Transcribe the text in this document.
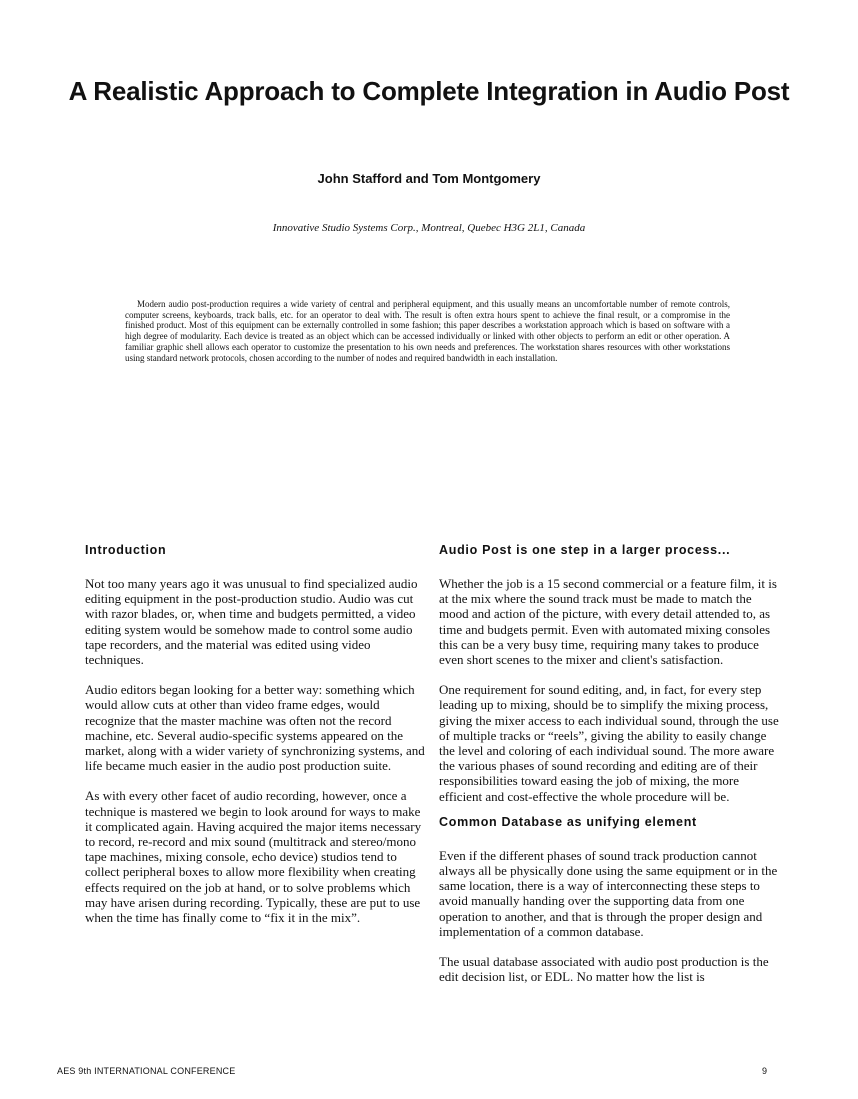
A Realistic Approach to Complete Integration in Audio Post
John Stafford and Tom Montgomery
Innovative Studio Systems Corp., Montreal, Quebec H3G 2L1, Canada

Modern audio post-production requires a wide variety of central and peripheral equipment, and this usually means an uncomfortable number of remote controls, computer screens, keyboards, track balls, etc. for an operator to deal with. The result is often extra hours spent to achieve the final result, or a compromise in the finished product. Most of this equipment can be externally controlled in some fashion; this paper describes a workstation approach which is based on software with a high degree of modularity. Each device is treated as an object which can be accessed individually or linked with other objects to perform an edit or other operation. A familiar graphic shell allows each operator to customize the presentation to his own needs and preferences. The workstation shares resources with other workstations using standard network protocols, chosen according to the number of nodes and required bandwidth in each installation.

Introduction

Not too many years ago it was unusual to find specialized audio editing equipment in the post-production studio. Audio was cut with razor blades, or, when time and budgets permitted, a video editing system would be somehow made to control some audio tape recorders, and the material was edited using video techniques.

Audio editors began looking for a better way: something which would allow cuts at other than video frame edges, would recognize that the master machine was often not the record machine, etc. Several audio-specific systems appeared on the market, along with a wider variety of synchronizing systems, and life became much easier in the audio post production suite.

As with every other facet of audio recording, however, once a technique is mastered we begin to look around for ways to make it complicated again. Having acquired the major items necessary to record, re-record and mix sound (multitrack and stereo/mono tape machines, mixing console, echo device) studios tend to collect peripheral boxes to allow more flexibility when creating effects required on the job at hand, or to solve problems which may have arisen during recording. Typically, these are put to use when the time has finally come to “fix it in the mix”.

Audio Post is one step in a larger process...

Whether the job is a 15 second commercial or a feature film, it is at the mix where the sound track must be made to match the mood and action of the picture, with every detail attended to, as time and budgets permit. Even with automated mixing consoles this can be a very busy time, requiring many takes to produce even short scenes to the mixer and client's satisfaction.

One requirement for sound editing, and, in fact, for every step leading up to mixing, should be to simplify the mixing process, giving the mixer access to each individual sound, through the use of multiple tracks or “reels”, giving the ability to easily change the level and coloring of each individual sound. The more aware the various phases of sound recording and editing are of their responsibilities toward easing the job of mixing, the more efficient and cost-effective the whole procedure will be.

Common Database as unifying element

Even if the different phases of sound track production cannot always all be physically done using the same equipment or in the same location, there is a way of interconnecting these steps to avoid manually handing over the supporting data from one operation to another, and that is through the proper design and implementation of a common database.

The usual database associated with audio post production is the edit decision list, or EDL. No matter how the list is

AES 9th INTERNATIONAL CONFERENCE	9
